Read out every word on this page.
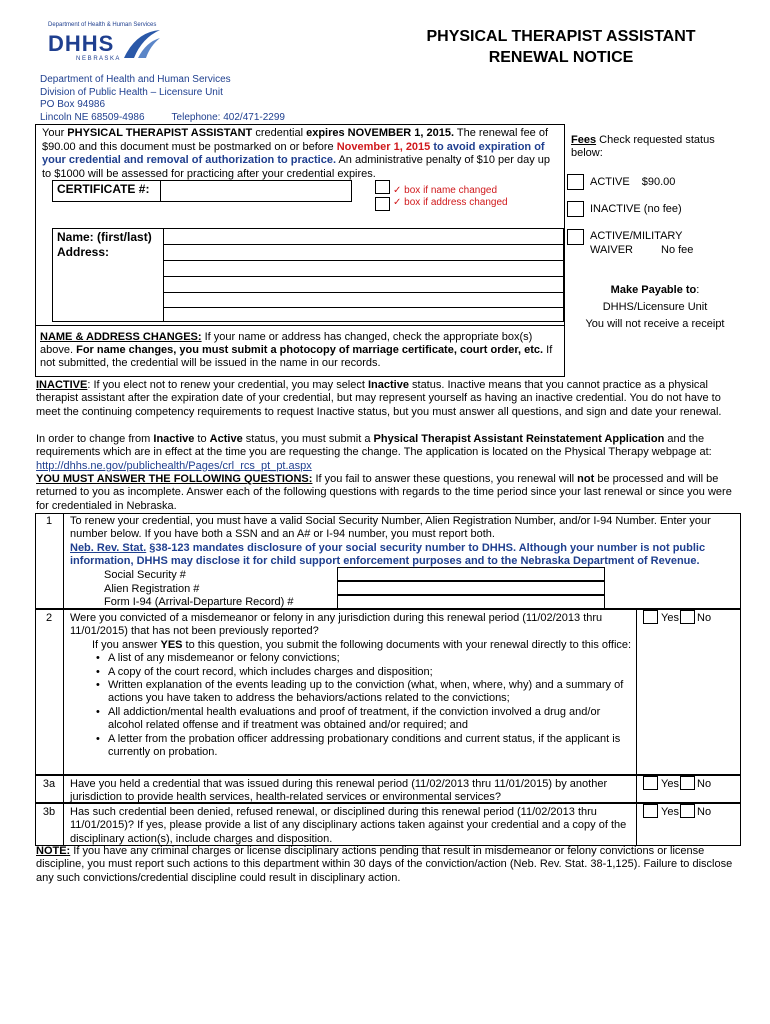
Department of Health & Human Services
DHHS
N E B R A S K A
PHYSICAL THERAPIST ASSISTANT
RENEWAL NOTICE
Department of Health and Human Services
Division of Public Health – Licensure Unit
PO Box 94986
Lincoln NE 68509-4986	Telephone: 402/471-2299
Your PHYSICAL THERAPIST ASSISTANT credential expires NOVEMBER 1, 2015. The renewal fee of $90.00 and this document must be postmarked on or before November 1, 2015 to avoid expiration of your credential and removal of authorization to practice. An administrative penalty of $10 per day up to $1000 will be assessed for practicing after your credential expires.
CERTIFICATE #:	✓ box if name changed
✓ box if address changed
Name: (first/last)
Address:
NAME & ADDRESS CHANGES: If your name or address has changed, check the appropriate box(s) above. For name changes, you must submit a photocopy of marriage certificate, court order, etc. If not submitted, the credential will be issued in the name in our records.
Fees Check requested status below:
ACTIVE $90.00
INACTIVE (no fee)
ACTIVE/MILITARY
WAIVER	No fee
Make Payable to:
DHHS/Licensure Unit
You will not receive a receipt
INACTIVE: If you elect not to renew your credential, you may select Inactive status. Inactive means that you cannot practice as a physical therapist assistant after the expiration date of your credential, but may represent yourself as having an inactive credential. You do not have to meet the continuing competency requirements to request Inactive status, but you must answer all questions, and sign and date your renewal.
In order to change from Inactive to Active status, you must submit a Physical Therapist Assistant Reinstatement Application and the requirements which are in effect at the time you are requesting the change. The application is located on the Physical Therapy webpage at: http://dhhs.ne.gov/publichealth/Pages/crl_rcs_pt_pt.aspx
YOU MUST ANSWER THE FOLLOWING QUESTIONS: If you fail to answer these questions, you renewal will not be processed and will be returned to you as incomplete. Answer each of the following questions with regards to the time period since your last renewal or since you were for credentialed in Nebraska.
1	To renew your credential, you must have a valid Social Security Number, Alien Registration Number, and/or I-94 Number. Enter your number below. If you have both a SSN and an A# or I-94 number, you must report both.
Neb. Rev. Stat. §38-123 mandates disclosure of your social security number to DHHS. Although your number is not public information, DHHS may disclose it for child support enforcement purposes and to the Nebraska Department of Revenue.
Social Security #
Alien Registration #
Form I-94 (Arrival-Departure Record) #
2	Were you convicted of a misdemeanor or felony in any jurisdiction during this renewal period (11/02/2013 thru 11/01/2015) that has not been previously reported?
If you answer YES to this question, you submit the following documents with your renewal directly to this office:
• A list of any misdemeanor or felony convictions;
• A copy of the court record, which includes charges and disposition;
• Written explanation of the events leading up to the conviction (what, when, where, why) and a summary of actions you have taken to address the behaviors/actions related to the convictions;
• All addiction/mental health evaluations and proof of treatment, if the conviction involved a drug and/or alcohol related offense and if treatment was obtained and/or required; and
• A letter from the probation officer addressing probationary conditions and current status, if the applicant is currently on probation.
Yes No
3a	Have you held a credential that was issued during this renewal period (11/02/2013 thru 11/01/2015) by another jurisdiction to provide health services, health-related services or environmental services?
Yes No
3b	Has such credential been denied, refused renewal, or disciplined during this renewal period (11/02/2013 thru 11/01/2015)? If yes, please provide a list of any disciplinary actions taken against your credential and a copy of the disciplinary action(s), include charges and disposition.
Yes No
NOTE: If you have any criminal charges or license disciplinary actions pending that result in misdemeanor or felony convictions or license discipline, you must report such actions to this department within 30 days of the conviction/action (Neb. Rev. Stat. 38-1,125). Failure to disclose any such convictions/credential discipline could result in disciplinary action.
